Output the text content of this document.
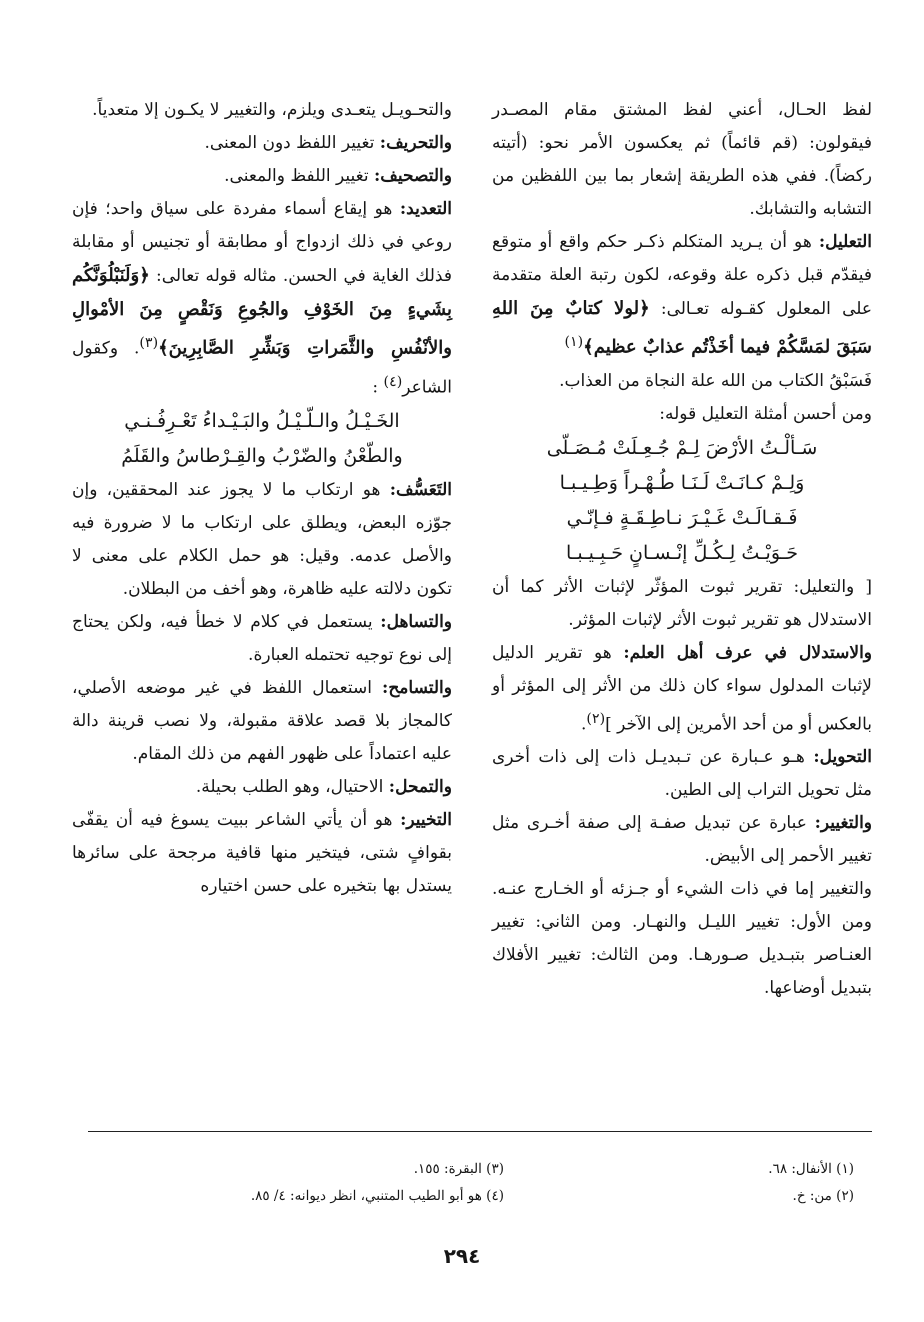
لفظ الحـال، أعني لفظ المشتق مقام المصـدر فيقولون: (قم قائماً) ثم يعكسون الأمر نحو: (أتيته ركضاً). ففي هذه الطريقة إشعار بما بين اللفظين من التشابه والتشابك.

التعليل: هو أن يـريد المتكلم ذكـر حكم واقع أو متوقع فيقدّم قبل ذكره علة وقوعه، لكون رتبة العلة متقدمة على المعلول كقـوله تعـالى: ﴿لولا كتابٌ مِنَ اللهِ سَبَقَ لمَسَّكُمْ فيما أخَذْتُم عذابٌ عظيم﴾$^{(١)}$

فَسَبْقُ الكتاب من الله علة النجاة من العذاب.

ومن أحسن أمثلة التعليل قوله:

سَـألْـتُ الأرْضَ لِـمْ جُـعِـلَتْ مُـصَـلّى
وَلِـمْ كـانَـتْ لَـنَـا طُـهْـراً وَطِـيـبـا
فَـقـالَـتْ غَـيْـرَ نـاطِـقَـةٍ فـإنّـي
حَـوَيْـتُ لِـكُـلِّ إنْـسـانٍ حَـبِـيـبـا

[ والتعليل: تقرير ثبوت المؤثّر لإثبات الأثر كما أن الاستدلال هو تقرير ثبوت الأثر لإثبات المؤثر.

والاستدلال في عرف أهل العلم: هو تقرير الدليل لإثبات المدلول سواء كان ذلك من الأثر إلى المؤثر أو بالعكس أو من أحد الأمرين إلى الآخر ]$^{(٢)}$.

التحويل: هـو عـبارة عن تـبديـل ذات إلى ذات أخرى مثل تحويل التراب إلى الطين.

والتغيير: عبارة عن تبديل صفـة إلى صفة أخـرى مثل تغيير الأحمر إلى الأبيض.

والتغيير إما في ذات الشيء أو جـزئه أو الخـارج عنـه. ومن الأول: تغيير الليـل والنهـار. ومن الثاني: تغيير العنـاصر بتبـديل صـورهـا. ومن الثالث: تغيير الأفلاك بتبديل أوضاعها.

والتحـويـل يتعـدى ويلزم، والتغيير لا يكـون إلا متعدياً.

والتحريف: تغيير اللفظ دون المعنى.

والتصحيف: تغيير اللفظ والمعنى.

التعديد: هو إيقاع أسماء مفردة على سياق واحد؛ فإن روعي في ذلك ازدواج أو مطابقة أو تجنيس أو مقابلة فذلك الغاية في الحسن. مثاله قوله تعالى: ﴿وَلَنَبْلُوَنَّكُم بِشَيءٍ مِنَ الخَوْفِ والجُوعِ وَنَقْصٍ مِنَ الأمْوالِ والأنْفُسِ والثَّمَراتِ وَبَشِّرِ الصَّابِرِينَ﴾$^{(٣)}$. وكقول الشاعر$^{(٤)}$ :

الخَـيْـلُ والـلّـيْـلُ والبَـيْـداءُ تَعْـرِفُـنـي
والطّعْنُ والضّرْبُ والقِـرْطاسُ والقَلَمُ

التَعَسُّف: هو ارتكاب ما لا يجوز عند المحققين، وإن جوّزه البعض، ويطلق على ارتكاب ما لا ضرورة فيه والأصل عدمه. وقيل: هو حمل الكلام على معنى لا تكون دلالته عليه ظاهرة، وهو أخف من البطلان.

والتساهل: يستعمل في كلام لا خطأ فيه، ولكن يحتاج إلى نوع توجيه تحتمله العبارة.

والتسامح: استعمال اللفظ في غير موضعه الأصلي، كالمجاز بلا قصد علاقة مقبولة، ولا نصب قرينة دالة عليه اعتماداً على ظهور الفهم من ذلك المقام.

والتمحل: الاحتيال، وهو الطلب بحيلة.

التخيير: هو أن يأتي الشاعر ببيت يسوغ فيه أن يقفّى بقوافٍ شتى، فيتخير منها قافية مرجحة على سائرها يستدل بها بتخيره على حسن اختياره

(١) الأنفال: ٦٨.
(٢) من: خ.
(٣) البقرة: ١٥٥.
(٤) هو أبو الطيب المتنبي، انظر ديوانه: ٤/ ٨٥.
٢٩٤
